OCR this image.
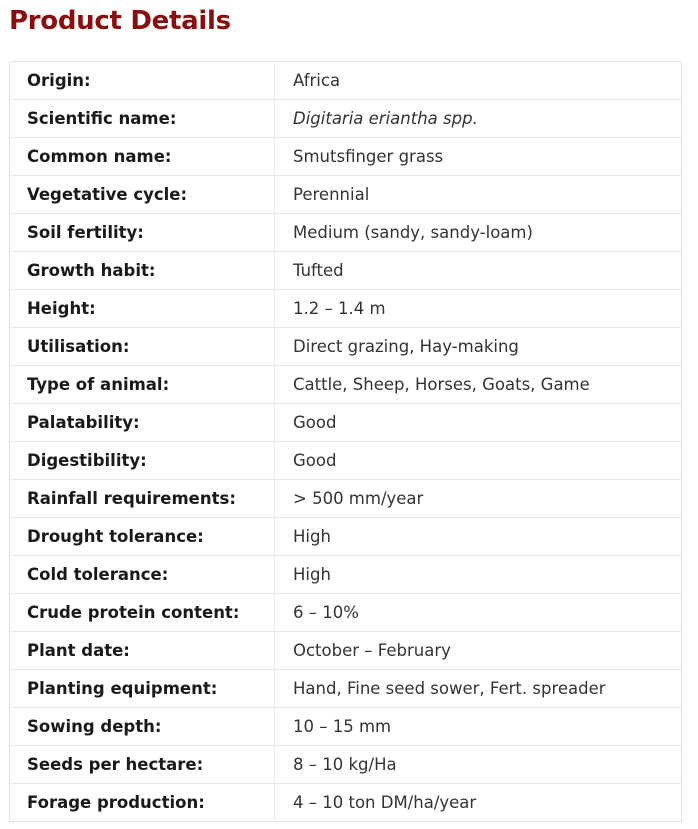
Product Details
Origin:	Africa
Scientific name:	Digitaria eriantha spp.
Common name:	Smutsfinger grass
Vegetative cycle:	Perennial
Soil fertility:	Medium (sandy, sandy-loam)
Growth habit:	Tufted
Height:	1.2 – 1.4 m
Utilisation:	Direct grazing, Hay-making
Type of animal:	Cattle, Sheep, Horses, Goats, Game
Palatability:	Good
Digestibility:	Good
Rainfall requirements:	> 500 mm/year
Drought tolerance:	High
Cold tolerance:	High
Crude protein content:	6 – 10%
Plant date:	October – February
Planting equipment:	Hand, Fine seed sower, Fert. spreader
Sowing depth:	10 – 15 mm
Seeds per hectare:	8 – 10 kg/Ha
Forage production:	4 – 10 ton DM/ha/year
